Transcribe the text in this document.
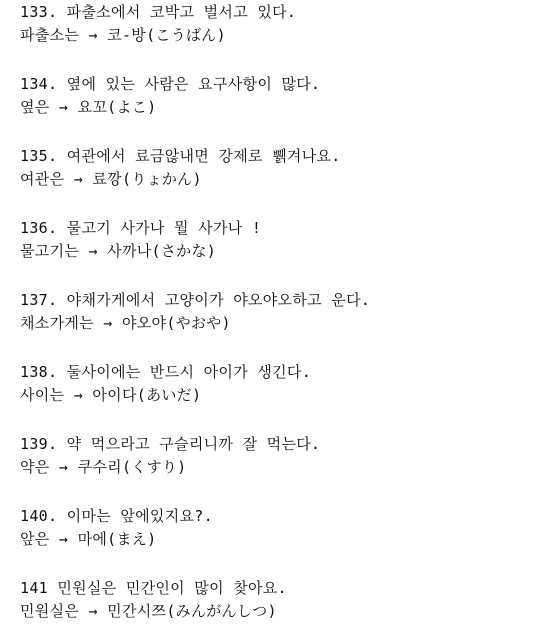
133. 파출소에서 코박고 벌서고 있다.
파출소는 → 코-방(こうばん)
134. 옆에 있는 사람은 요구사항이 많다.
옆은 → 요꼬(よこ)
135. 여관에서 료금않내면 강제로 쀍겨나요.
여관은 → 료깡(りょかん)
136. 물고기 사가나 뭘 사가나 !
물고기는 → 사까나(さかな)
137. 야채가게에서 고양이가 야오야오하고 운다.
채소가게는 → 야오야(やおや)
138. 둘사이에는 반드시 아이가 생긴다.
사이는 → 아이다(あいだ)
139. 약 먹으라고 구슬리니까 잘 먹는다.
약은 → 쿠수리(くすり)
140. 이마는 앞에있지요?.
앞은 → 마에(まえ)
141 민원실은 민간인이 많이 찾아요.
민원실은 → 민간시쯔(みんがんしつ)
